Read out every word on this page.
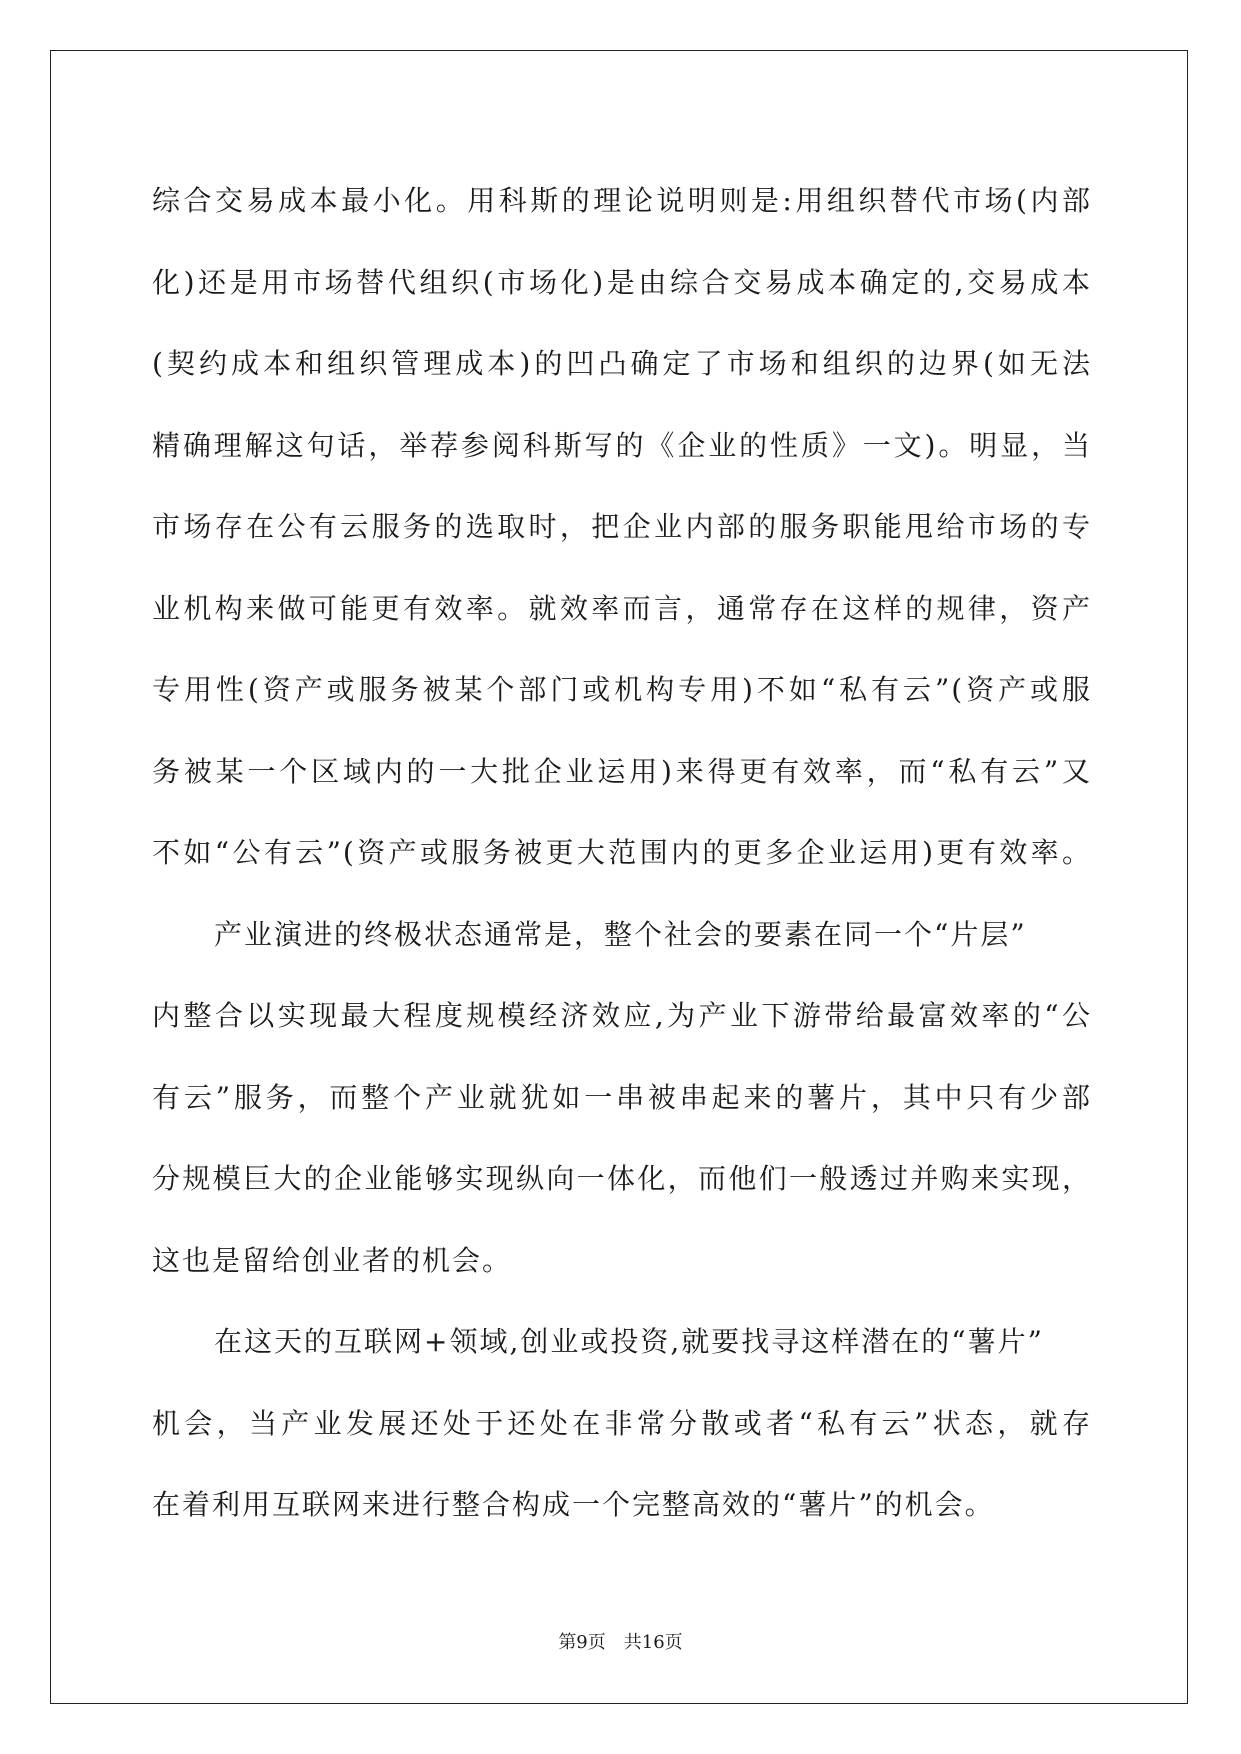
综合交易成本最小化。用科斯的理论说明则是:用组织替代市场(内部

化)还是用市场替代组织(市场化)是由综合交易成本确定的,交易成本

(契约成本和组织管理成本)的凹凸确定了市场和组织的边界(如无法

精确理解这句话，举荐参阅科斯写的《企业的性质》一文)。明显，当

市场存在公有云服务的选取时，把企业内部的服务职能甩给市场的专

业机构来做可能更有效率。就效率而言，通常存在这样的规律，资产

专用性(资产或服务被某个部门或机构专用)不如“私有云”(资产或服

务被某一个区域内的一大批企业运用)来得更有效率，而“私有云”又

不如“公有云”(资产或服务被更大范围内的更多企业运用)更有效率。

产业演进的终极状态通常是，整个社会的要素在同一个“片层”

内整合以实现最大程度规模经济效应,为产业下游带给最富效率的“公

有云”服务，而整个产业就犹如一串被串起来的薯片，其中只有少部

分规模巨大的企业能够实现纵向一体化，而他们一般透过并购来实现，

这也是留给创业者的机会。

在这天的互联网+领域,创业或投资,就要找寻这样潜在的“薯片”

机会，当产业发展还处于还处在非常分散或者“私有云”状态，就存

在着利用互联网来进行整合构成一个完整高效的“薯片”的机会。

第9页　共16页
